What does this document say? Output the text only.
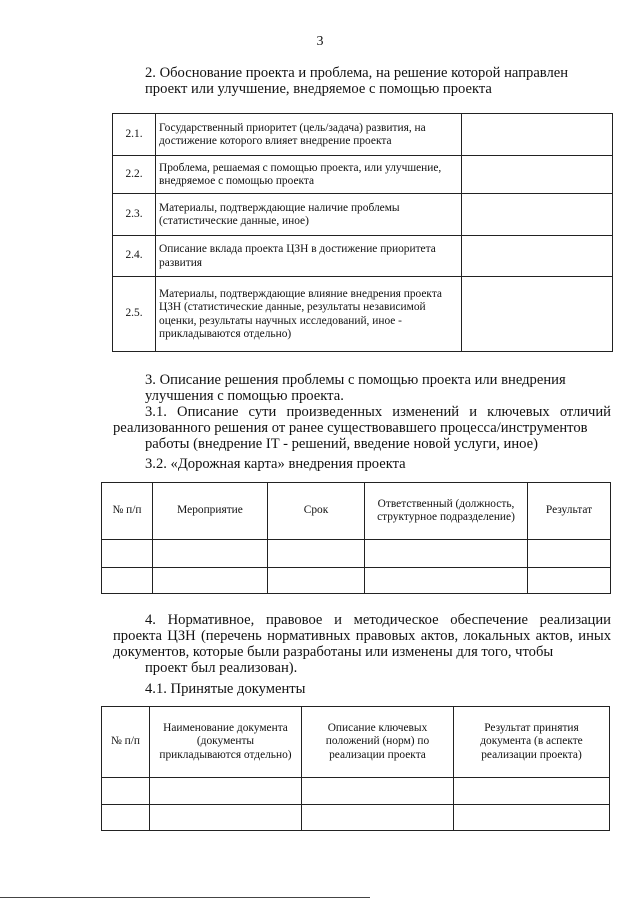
3
2. Обоснование проекта и проблема, на решение которой направлен
проект или улучшение, внедряемое с помощью проекта
2.1.	Государственный приоритет (цель/задача) развития, на достижение которого влияет внедрение проекта	
2.2.	Проблема, решаемая с помощью проекта, или улучшение, внедряемое с помощью проекта	
2.3.	Материалы, подтверждающие наличие проблемы (статистические данные, иное)	
2.4.	Описание вклада проекта ЦЗН в достижение приоритета развития	
2.5.	Материалы, подтверждающие влияние внедрения проекта ЦЗН (статистические данные, результаты независимой оценки, результаты научных исследований, иное - прикладываются отдельно)	
3. Описание решения проблемы с помощью проекта или внедрения
улучшения с помощью проекта.
3.1. Описание сути произведенных изменений и ключевых отличий реализованного решения от ранее существовавшего процесса/инструментов
работы (внедрение IT - решений, введение новой услуги, иное)
3.2. «Дорожная карта» внедрения проекта
№ п/п	Мероприятие	Срок	Ответственный (должность, структурное подразделение)	Результат

4. Нормативное, правовое и методическое обеспечение реализации проекта ЦЗН (перечень нормативных правовых актов, локальных актов, иных документов, которые были разработаны или изменены для того, чтобы
проект был реализован).
4.1. Принятые документы
№ п/п	Наименование документа (документы прикладываются отдельно)	Описание ключевых положений (норм) по реализации проекта	Результат принятия документа (в аспекте реализации проекта)
